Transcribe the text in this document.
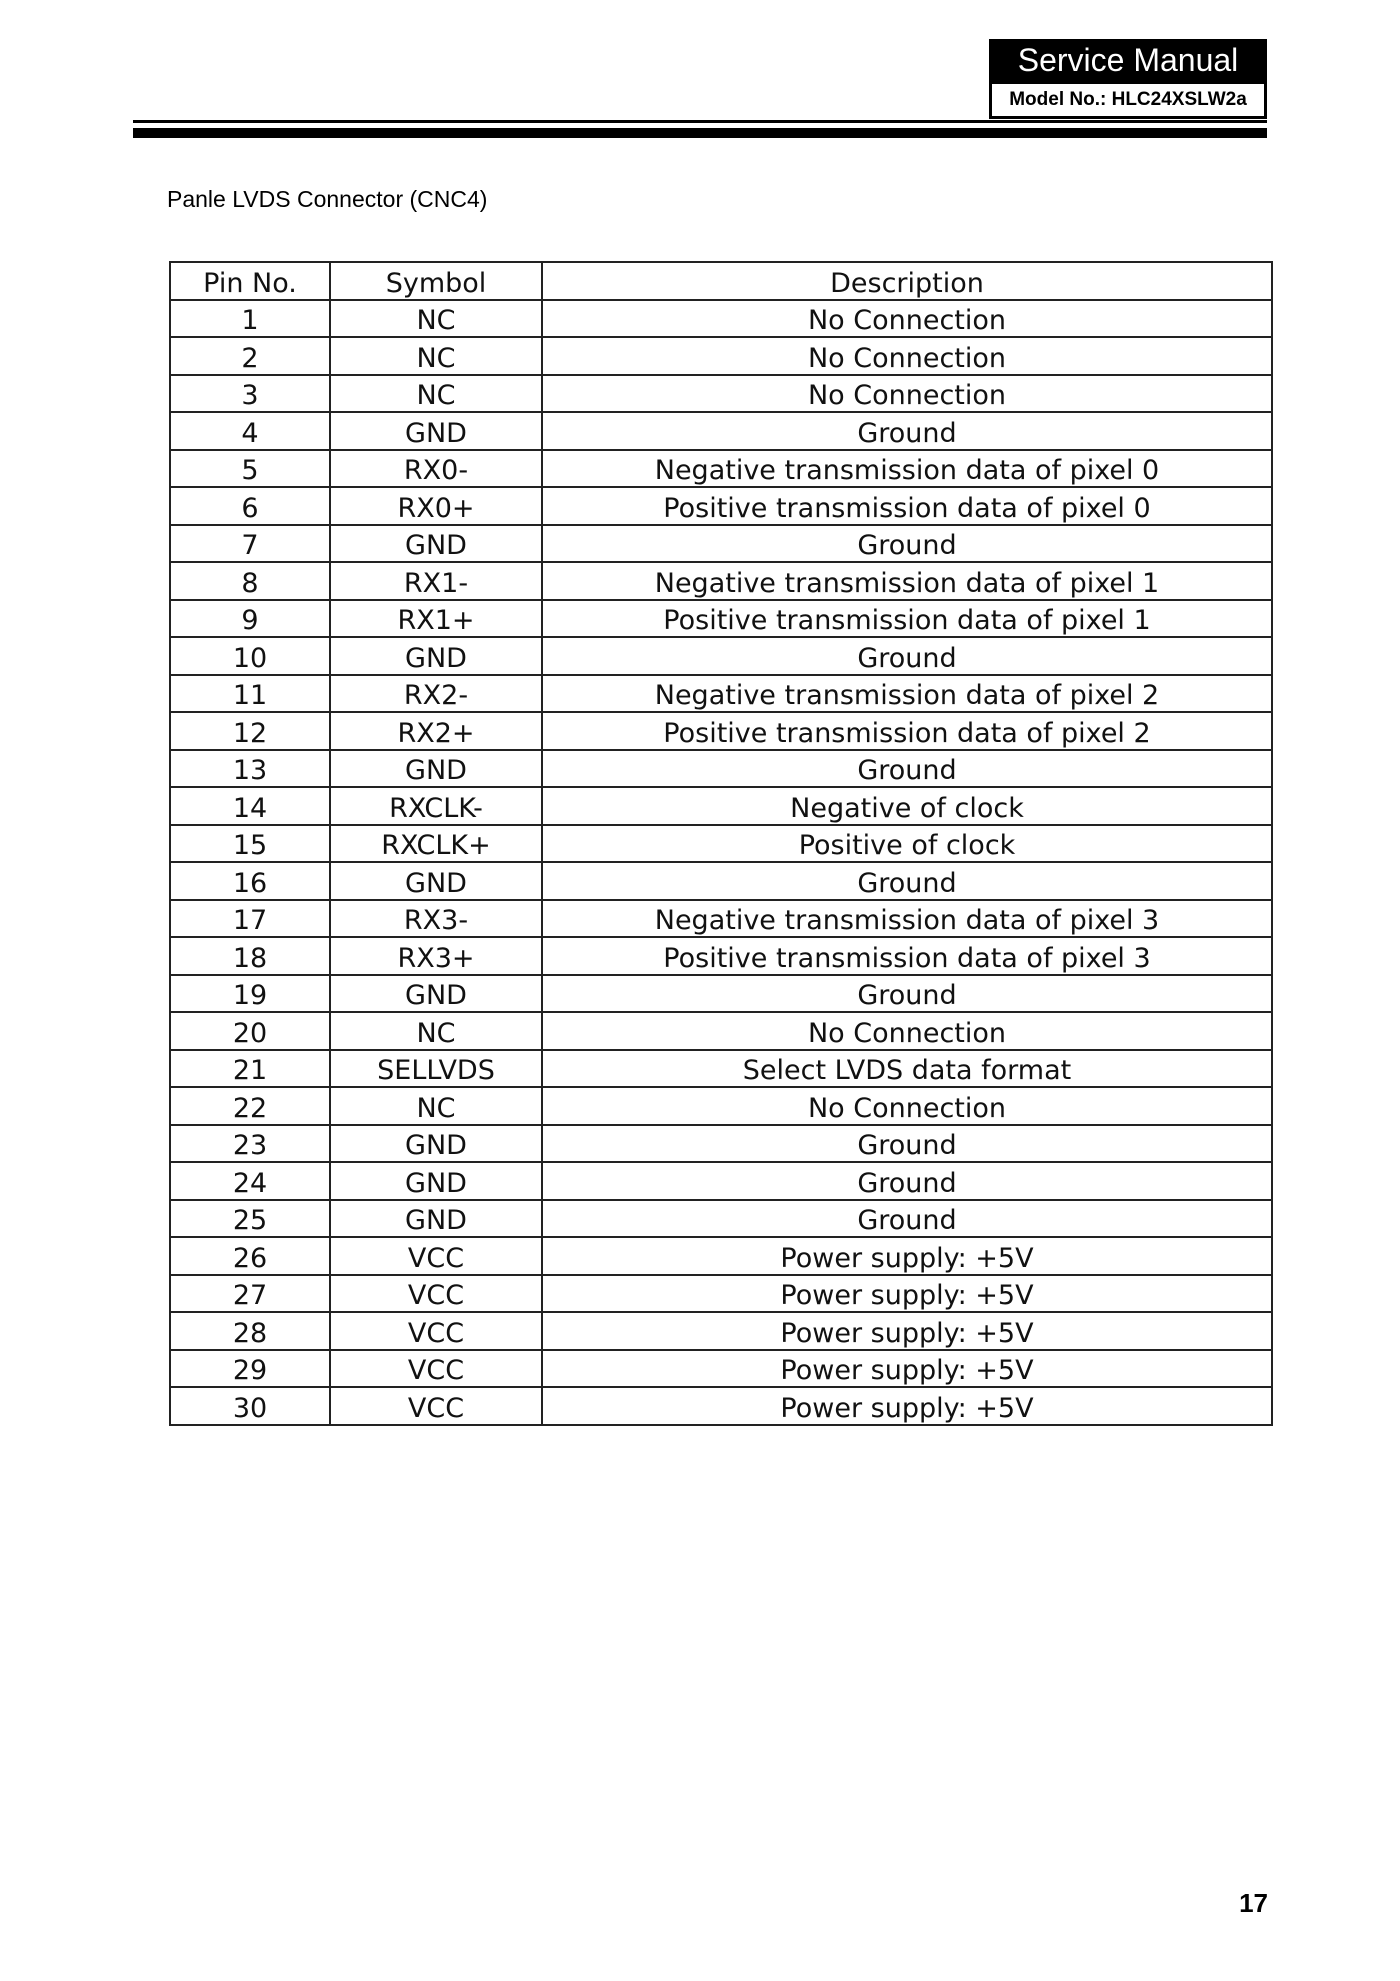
Service Manual
Model No.: HLC24XSLW2a
Panle LVDS Connector (CNC4)
Pin No.	Symbol	Description
1	NC	No Connection
2	NC	No Connection
3	NC	No Connection
4	GND	Ground
5	RX0-	Negative transmission data of pixel 0
6	RX0+	Positive transmission data of pixel 0
7	GND	Ground
8	RX1-	Negative transmission data of pixel 1
9	RX1+	Positive transmission data of pixel 1
10	GND	Ground
11	RX2-	Negative transmission data of pixel 2
12	RX2+	Positive transmission data of pixel 2
13	GND	Ground
14	RXCLK-	Negative of clock
15	RXCLK+	Positive of clock
16	GND	Ground
17	RX3-	Negative transmission data of pixel 3
18	RX3+	Positive transmission data of pixel 3
19	GND	Ground
20	NC	No Connection
21	SELLVDS	Select LVDS data format
22	NC	No Connection
23	GND	Ground
24	GND	Ground
25	GND	Ground
26	VCC	Power supply: +5V
27	VCC	Power supply: +5V
28	VCC	Power supply: +5V
29	VCC	Power supply: +5V
30	VCC	Power supply: +5V
17
